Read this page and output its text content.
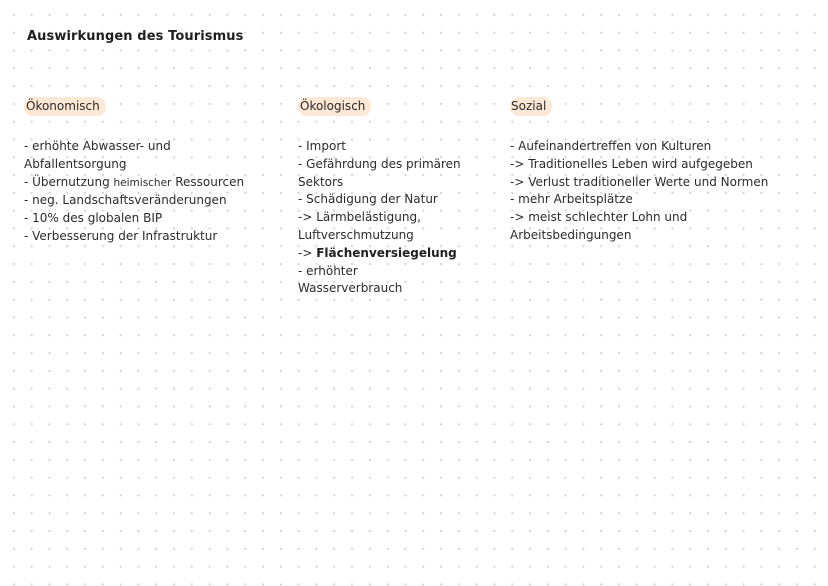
Auswirkungen des Tourismus
Ökonomisch
- erhöhte Abwasser- und
Abfallentsorgung
- Übernutzung heimischer Ressourcen
- neg. Landschaftsveränderungen
- 10% des globalen BIP
- Verbesserung der Infrastruktur
Ökologisch
- Import
- Gefährdung des primären
Sektors
- Schädigung der Natur
-> Lärmbelästigung,
Luftverschmutzung
-> Flächenversiegelung
- erhöhter
Wasserverbrauch
Sozial
- Aufeinandertreffen von Kulturen
-> Traditionelles Leben wird aufgegeben
-> Verlust traditioneller Werte und Normen
- mehr Arbeitsplätze
-> meist schlechter Lohn und
Arbeitsbedingungen
